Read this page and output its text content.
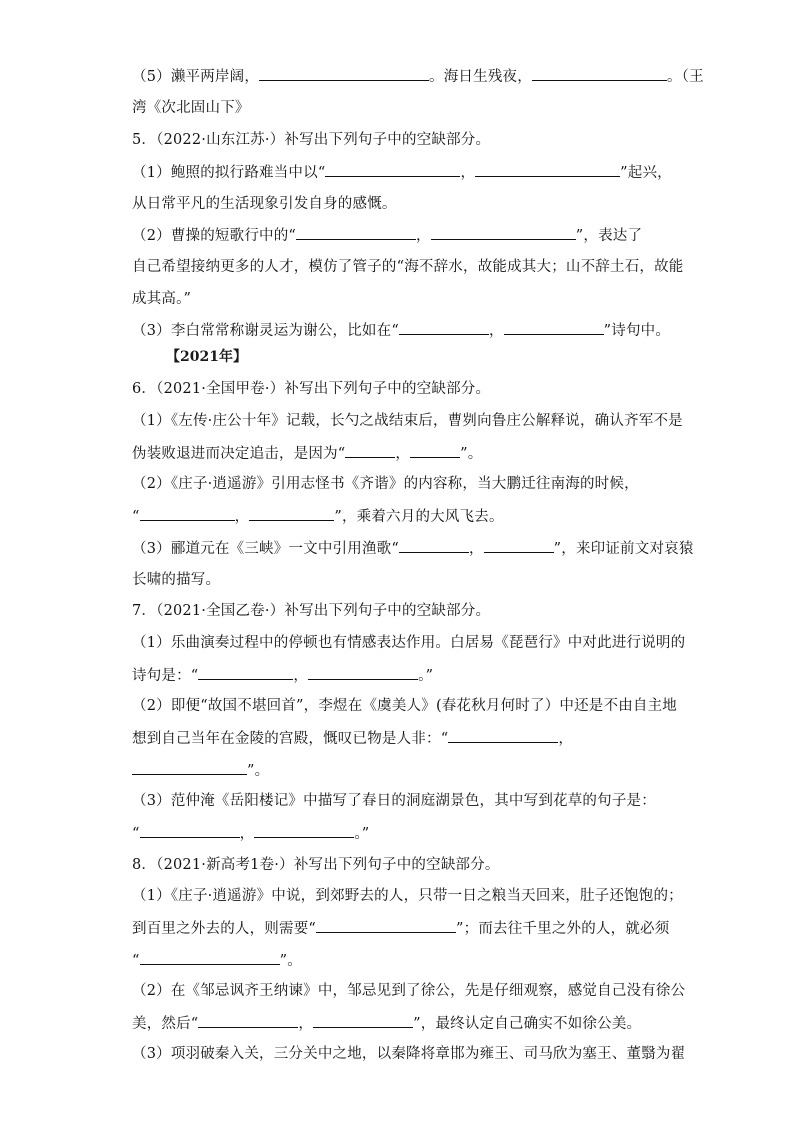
【2021年】
（5）濑平两岸阔，	。海日生残夜，	。（王
湾《次北固山下》
5．（2022·山东江苏·）补写出下列句子中的空缺部分。
（1）鲍照的拟行路难当中以“	，	”起兴，
从日常平凡的生活现象引发自身的感慨。
（2）曹操的短歌行中的“	，	”，表达了
自己希望接纳更多的人才，模仿了管子的“海不辞水，故能成其大；山不辞土石，故能
成其高。”
（3）李白常常称谢灵运为谢公，比如在“	，	”诗句中。
6．（2021·全国甲卷·）补写出下列句子中的空缺部分。
（1）《左传·庄公十年》记载，长勺之战结束后，曹刿向鲁庄公解释说，确认齐军不是
伪装败退进而决定追击，是因为“	，	”。
（2）《庄子·逍遥游》引用志怪书《齐谐》的内容称，当大鹏迁往南海的时候，
“	，	”，乘着六月的大风飞去。
（3）郦道元在《三峡》一文中引用渔歌“	，	”，来印证前文对哀猿
长啸的描写。
7．（2021·全国乙卷·）补写出下列句子中的空缺部分。
（1）乐曲演奏过程中的停顿也有情感表达作用。白居易《琵琶行》中对此进行说明的
诗句是：“	，	。”
（2）即便“故国不堪回首”，李煜在《虞美人》(春花秋月何时了）中还是不由自主地
想到自己当年在金陵的宫殿，慨叹已物是人非：“	，
”。
（3）范仲淹《岳阳楼记》中描写了春日的洞庭湖景色，其中写到花草的句子是：
“	，	。”
8．（2021·新高考1卷·）补写出下列句子中的空缺部分。
（1）《庄子·逍遥游》中说，到郊野去的人，只带一日之粮当天回来，肚子还饱饱的；
到百里之外去的人，则需要“	”；而去往千里之外的人，就必须
“	”。
（2）在《邹忌讽齐王纳谏》中，邹忌见到了徐公，先是仔细观察，感觉自己没有徐公
美，然后“	，	”，最终认定自己确实不如徐公美。
（3）项羽破秦入关，三分关中之地，以秦降将章邯为雍王、司马欣为塞王、董翳为翟
